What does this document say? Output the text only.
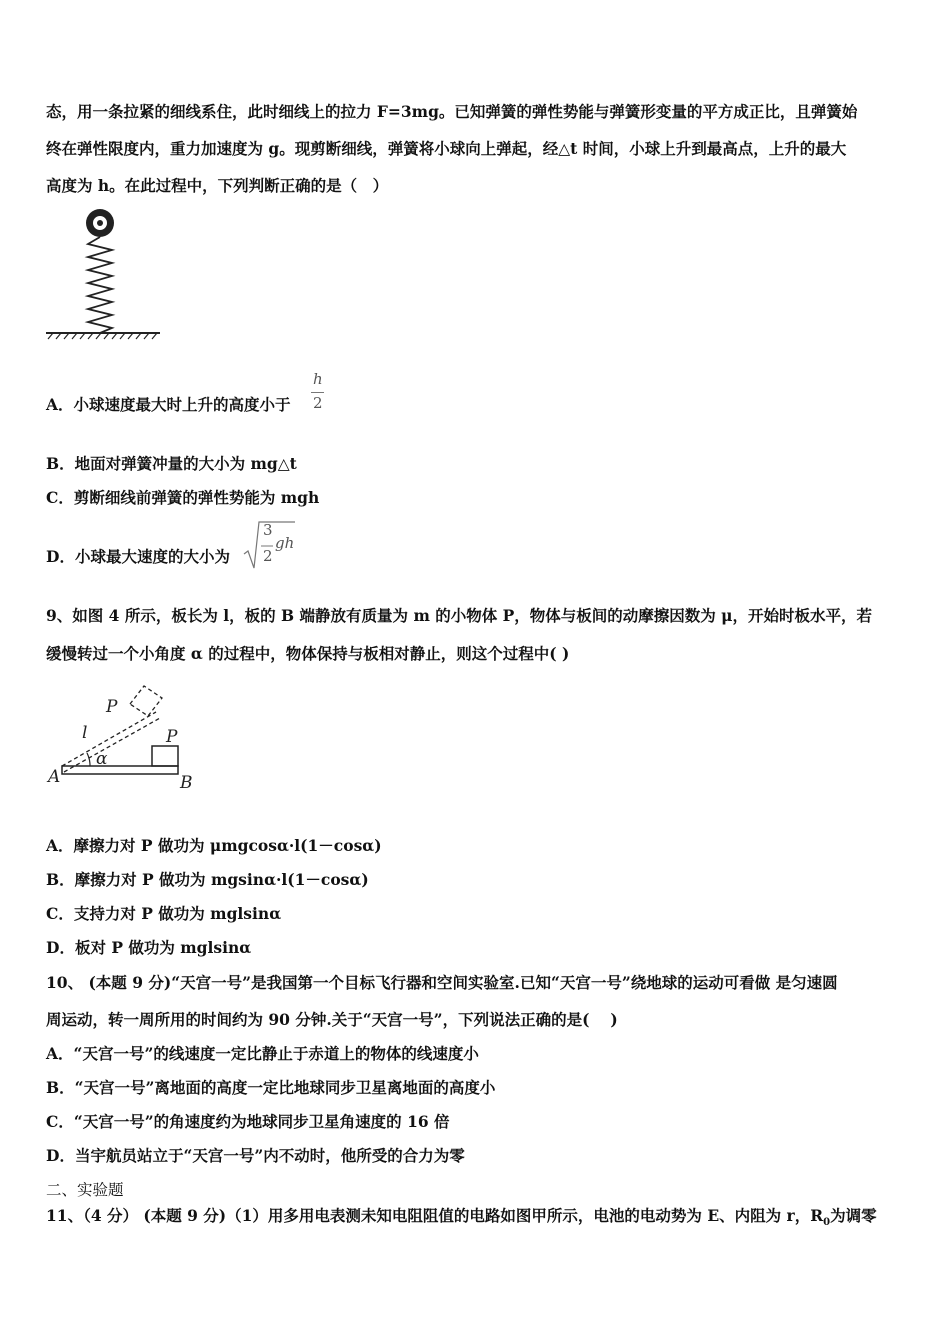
态，用一条拉紧的细线系住，此时细线上的拉力 F=3mg。已知弹簧的弹性势能与弹簧形变量的平方成正比，且弹簧始
终在弹性限度内，重力加速度为 g。现剪断细线，弹簧将小球向上弹起，经△t 时间，小球上升到最高点，上升的最大
高度为 h。在此过程中，下列判断正确的是（　）
A．小球速度最大时上升的高度小于
h
2
B．地面对弹簧冲量的大小为 mg△t
C．剪断细线前弹簧的弹性势能为 mgh
D．小球最大速度的大小为
3
2
gh
9、如图 4 所示，板长为 l，板的 B 端静放有质量为 m 的小物体 P，物体与板间的动摩擦因数为 μ，开始时板水平，若
缓慢转过一个小角度 α 的过程中，物体保持与板相对静止，则这个过程中( )
P
l	P
α
A	B
A．摩擦力对 P 做功为 μmgcosα·l(1－cosα)
B．摩擦力对 P 做功为 mgsinα·l(1－cosα)
C．支持力对 P 做功为 mglsinα
D．板对 P 做功为 mglsinα
10、 (本题 9 分)“天宫一号”是我国第一个目标飞行器和空间实验室.已知“天宫一号”绕地球的运动可看做 是匀速圆
周运动，转一周所用的时间约为 90 分钟.关于“天宫一号”，下列说法正确的是(　 )
A．“天宫一号”的线速度一定比静止于赤道上的物体的线速度小
B．“天宫一号”离地面的高度一定比地球同步卫星离地面的高度小
C．“天宫一号”的角速度约为地球同步卫星角速度的 16 倍
D．当宇航员站立于“天宫一号”内不动时，他所受的合力为零
二、实验题
11、（4 分） (本题 9 分)（1）用多用电表测未知电阻阻值的电路如图甲所示，电池的电动势为 E、内阻为 r，$R_0$为调零
